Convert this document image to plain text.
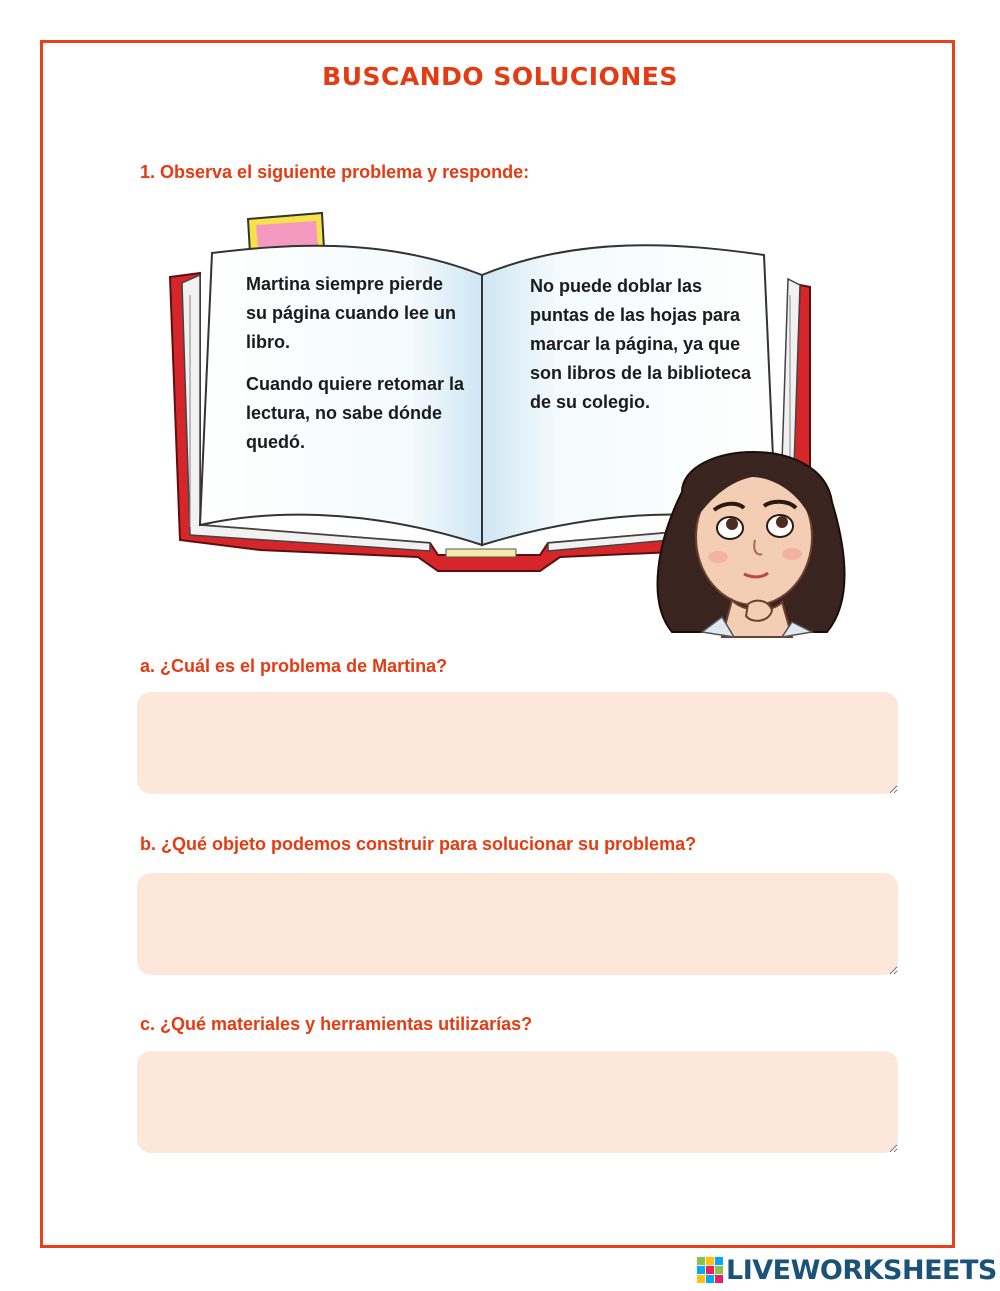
BUSCANDO SOLUCIONES
1. Observa el siguiente problema y responde:
Martina siempre pierde su página cuando lee un libro.
Cuando quiere retomar la lectura, no sabe dónde quedó.
No puede doblar las puntas de las hojas para marcar la página, ya que son libros de la biblioteca de su colegio.
a. ¿Cuál es el problema de Martina?
b. ¿Qué objeto podemos construir para solucionar su problema?
c. ¿Qué materiales y herramientas utilizarías?
LIVEWORKSHEETS
